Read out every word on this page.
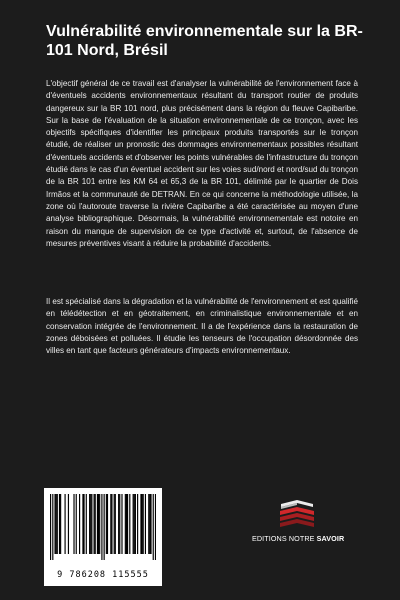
Vulnérabilité environnementale sur la BR-101 Nord, Brésil

L'objectif général de ce travail est d'analyser la vulnérabilité de l'environnement face à d'éventuels accidents environnementaux résultant du transport routier de produits dangereux sur la BR 101 nord, plus précisément dans la région du fleuve Capibaribe. Sur la base de l'évaluation de la situation environnementale de ce tronçon, avec les objectifs spécifiques d'identifier les principaux produits transportés sur le tronçon étudié, de réaliser un pronostic des dommages environnementaux possibles résultant d'éventuels accidents et d'observer les points vulnérables de l'infrastructure du tronçon étudié dans le cas d'un éventuel accident sur les voies sud/nord et nord/sud du tronçon de la BR 101 entre les KM 64 et 65,3 de la BR 101, délimité par le quartier de Dois Irmãos et la communauté de DETRAN. En ce qui concerne la méthodologie utilisée, la zone où l'autoroute traverse la rivière Capibaribe a été caractérisée au moyen d'une analyse bibliographique. Désormais, la vulnérabilité environnementale est notoire en raison du manque de supervision de ce type d'activité et, surtout, de l'absence de mesures préventives visant à réduire la probabilité d'accidents.

Il est spécialisé dans la dégradation et la vulnérabilité de l'environnement et est qualifié en télédétection et en géotraitement, en criminalistique environnementale et en conservation intégrée de l'environnement. Il a de l'expérience dans la restauration de zones déboisées et polluées. Il étudie les tenseurs de l'occupation désordonnée des villes en tant que facteurs générateurs d'impacts environnementaux.

9 786208 115555
EDITIONS NOTRE SAVOIR
